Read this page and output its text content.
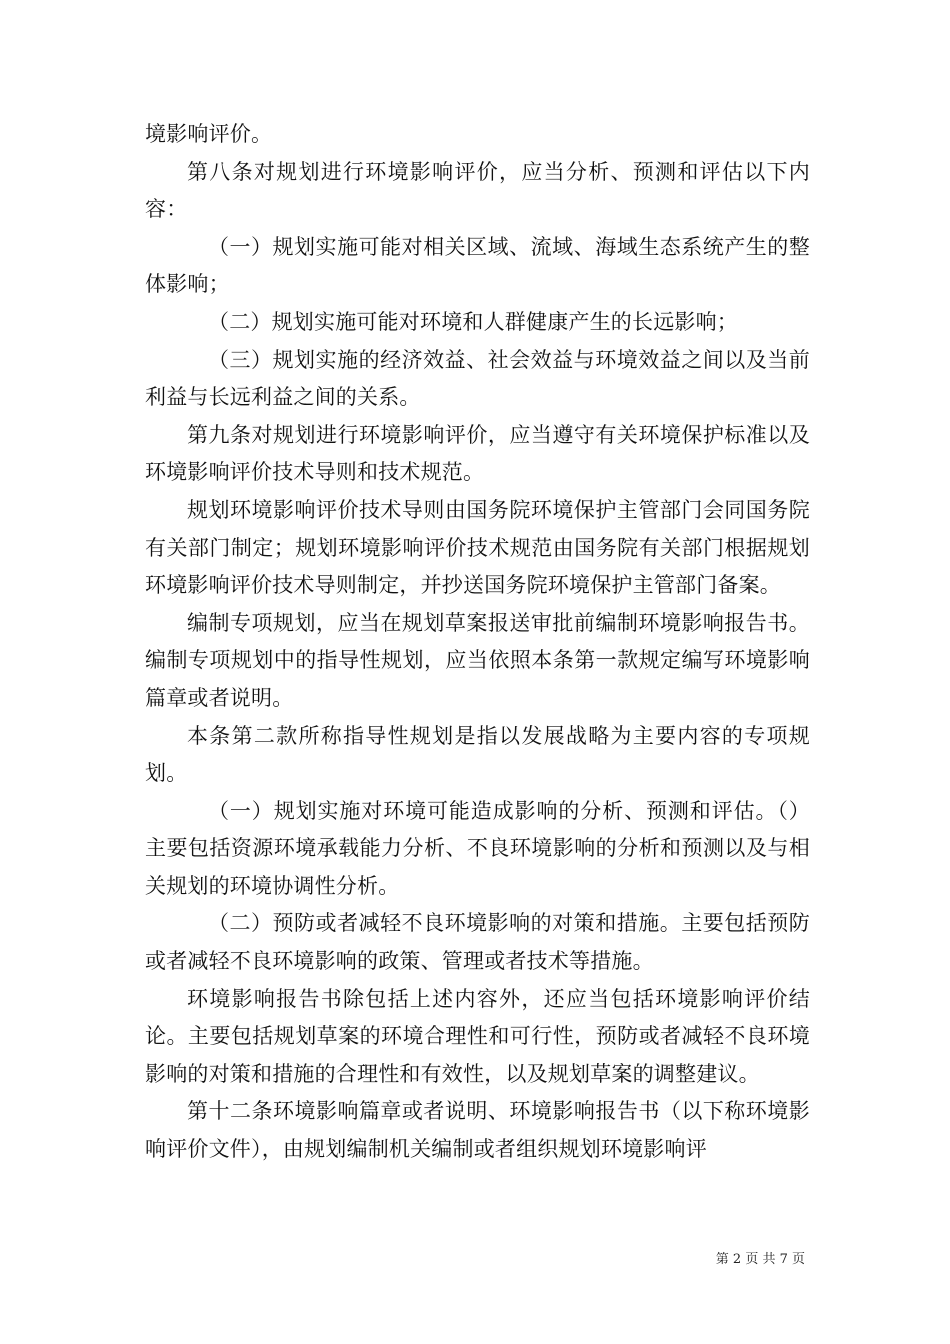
境影响评价。

第八条对规划进行环境影响评价，应当分析、预测和评估以下内容：

（一）规划实施可能对相关区域、流域、海域生态系统产生的整体影响；

（二）规划实施可能对环境和人群健康产生的长远影响；

（三）规划实施的经济效益、社会效益与环境效益之间以及当前利益与长远利益之间的关系。

第九条对规划进行环境影响评价，应当遵守有关环境保护标准以及环境影响评价技术导则和技术规范。

规划环境影响评价技术导则由国务院环境保护主管部门会同国务院有关部门制定；规划环境影响评价技术规范由国务院有关部门根据规划环境影响评价技术导则制定，并抄送国务院环境保护主管部门备案。

编制专项规划，应当在规划草案报送审批前编制环境影响报告书。编制专项规划中的指导性规划，应当依照本条第一款规定编写环境影响篇章或者说明。

本条第二款所称指导性规划是指以发展战略为主要内容的专项规划。

（一）规划实施对环境可能造成影响的分析、预测和评估。（）主要包括资源环境承载能力分析、不良环境影响的分析和预测以及与相关规划的环境协调性分析。

（二）预防或者减轻不良环境影响的对策和措施。主要包括预防或者减轻不良环境影响的政策、管理或者技术等措施。

环境影响报告书除包括上述内容外，还应当包括环境影响评价结论。主要包括规划草案的环境合理性和可行性，预防或者减轻不良环境影响的对策和措施的合理性和有效性，以及规划草案的调整建议。

第十二条环境影响篇章或者说明、环境影响报告书（以下称环境影响评价文件），由规划编制机关编制或者组织规划环境影响评

第 2 页 共 7 页
